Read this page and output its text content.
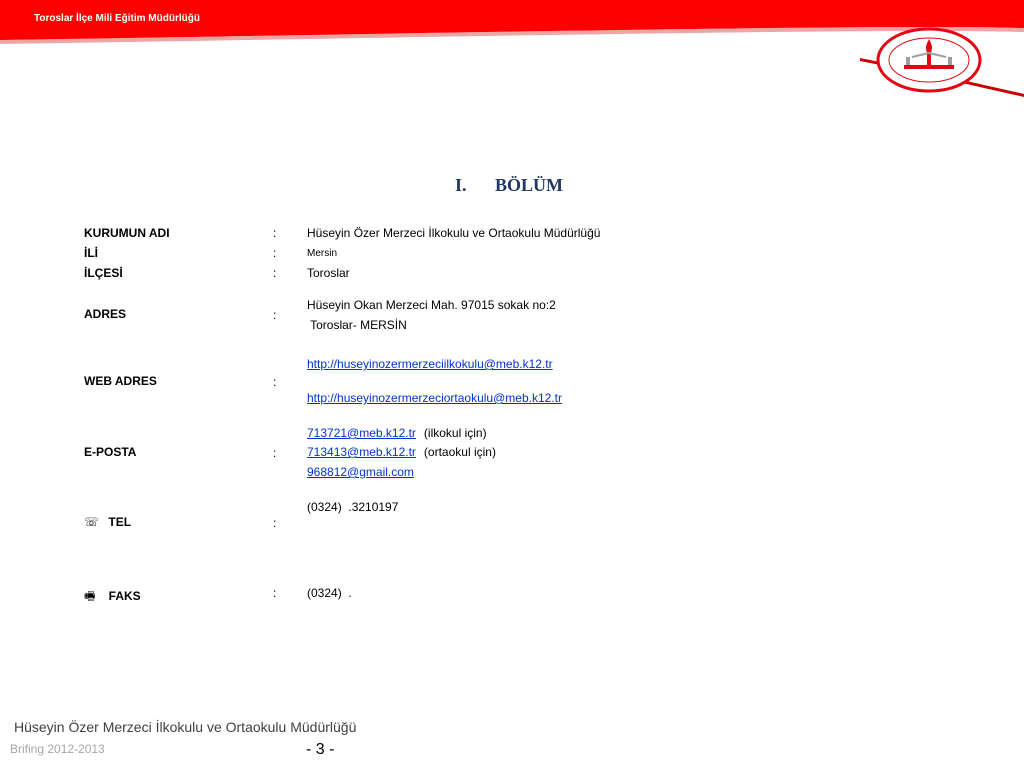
Toroslar İlçe Mili Eğitim Müdürlüğü
I. BÖLÜM
KURUMUN ADI	:	Hüseyin Özer Merzeci İlkokulu ve Ortaokulu Müdürlüğü
İLİ	:	Mersin
İLÇESİ	:	Toroslar
ADRES	:
Hüseyin Okan Merzeci Mah. 97015 sokak no:2
Toroslar- MERSİN
WEB ADRES	:
http://huseyinozermerzeciilkokulu@meb.k12.tr
http://huseyinozermerzeciortaokulu@meb.k12.tr
E-POSTA	:
713721@meb.k12.tr (ilkokul için)
713413@meb.k12.tr (ortaokul için)
968812@gmail.com
☏ TEL	:
(0324)  .3210197
🖷 FAKS	:	(0324)  .
Hüseyin Özer Merzeci İlkokulu ve Ortaokulu Müdürlüğü
Brifing 2012-2013	- 3 -
